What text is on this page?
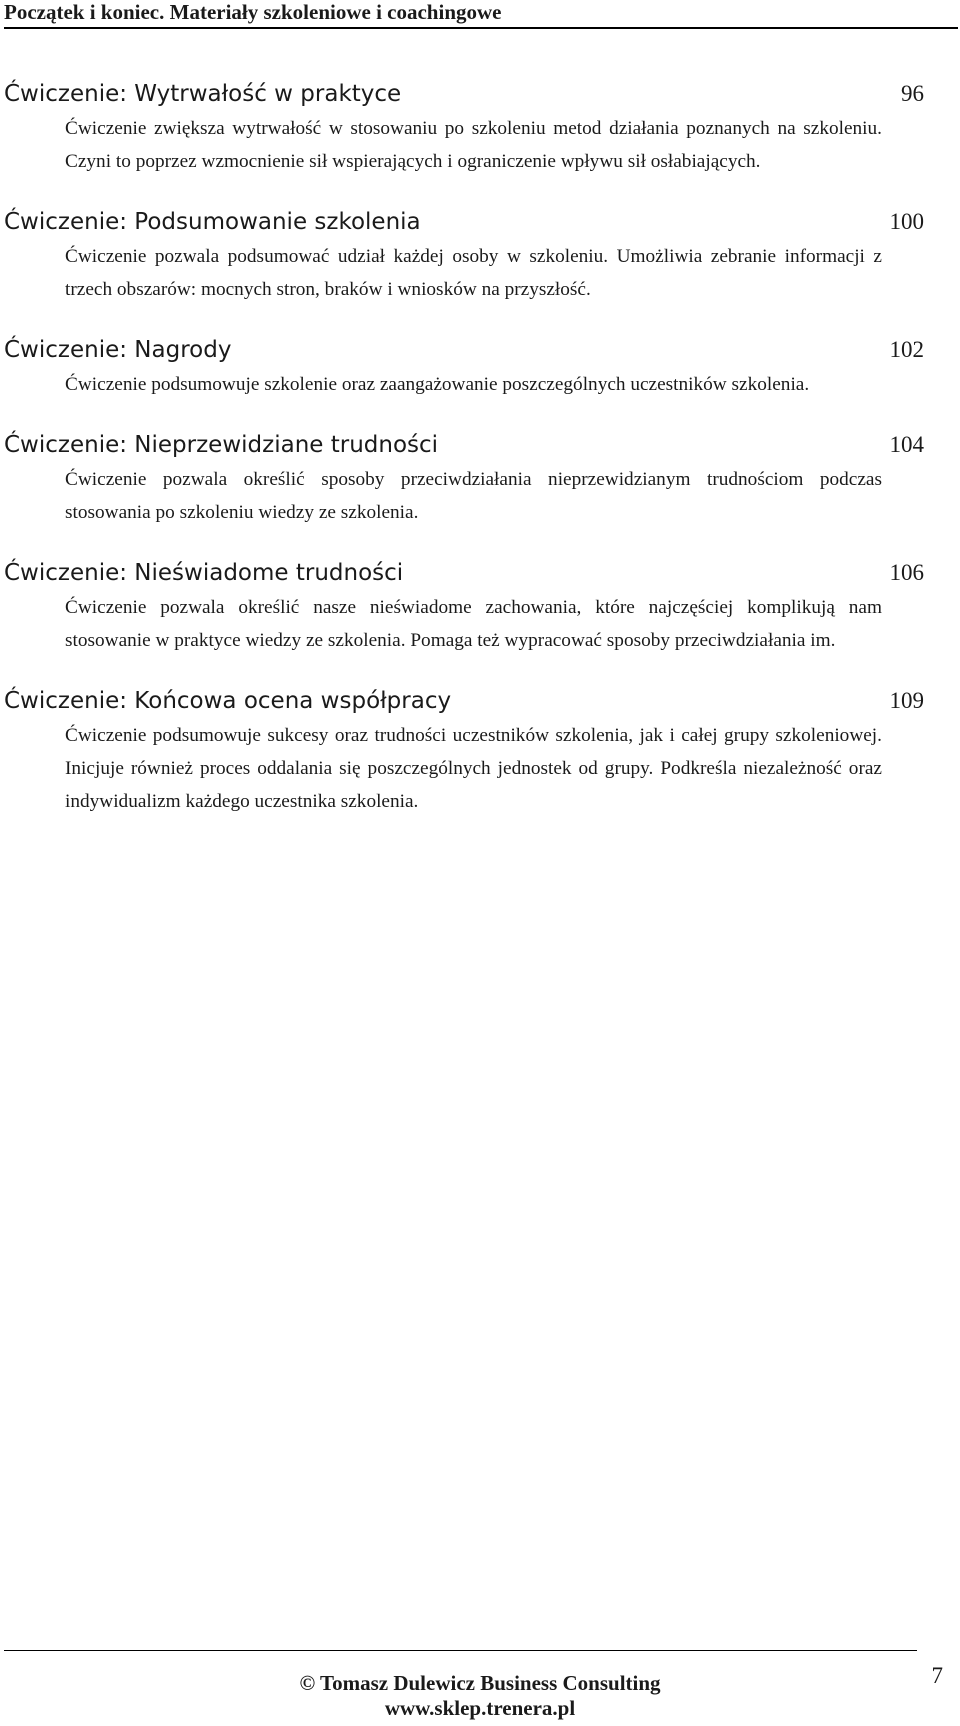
Początek i koniec. Materiały szkoleniowe i coachingowe
Ćwiczenie: Wytrwałość w praktyce	96
Ćwiczenie zwiększa wytrwałość w stosowaniu po szkoleniu metod działania poznanych na szkoleniu. Czyni to poprzez wzmocnienie sił wspierających i ograniczenie wpływu sił osłabiających.
Ćwiczenie: Podsumowanie szkolenia	100
Ćwiczenie pozwala podsumować udział każdej osoby w szkoleniu. Umożliwia zebranie informacji z trzech obszarów: mocnych stron, braków i wniosków na przyszłość.
Ćwiczenie: Nagrody	102
Ćwiczenie podsumowuje szkolenie oraz zaangażowanie poszczególnych uczestników szkolenia.
Ćwiczenie: Nieprzewidziane trudności	104
Ćwiczenie pozwala określić sposoby przeciwdziałania nieprzewidzianym trudnościom podczas stosowania po szkoleniu wiedzy ze szkolenia.
Ćwiczenie: Nieświadome trudności	106
Ćwiczenie pozwala określić nasze nieświadome zachowania, które najczęściej komplikują nam stosowanie w praktyce wiedzy ze szkolenia. Pomaga też wypracować sposoby przeciwdziałania im.
Ćwiczenie: Końcowa ocena współpracy	109
Ćwiczenie podsumowuje sukcesy oraz trudności uczestników szkolenia, jak i całej grupy szkoleniowej. Inicjuje również proces oddalania się poszczególnych jednostek od grupy. Podkreśla niezależność oraz indywidualizm każdego uczestnika szkolenia.
© Tomasz Dulewicz Business Consulting
www.sklep.trenera.pl
7
